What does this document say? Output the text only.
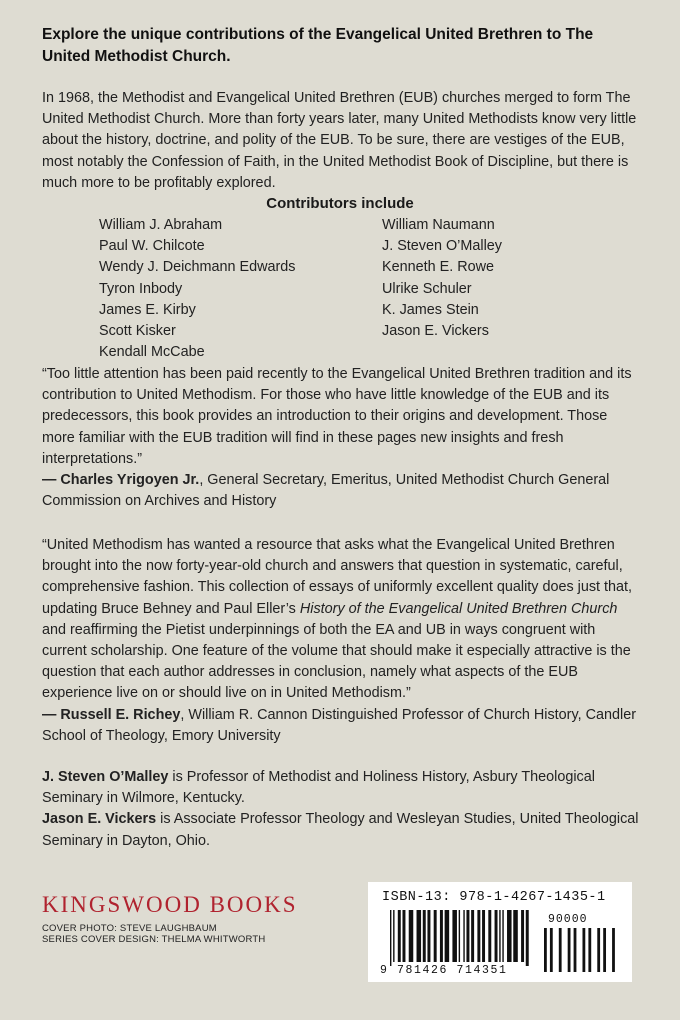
Explore the unique contributions of the Evangelical United Brethren to The United Methodist Church.
In 1968, the Methodist and Evangelical United Brethren (EUB) churches merged to form The United Methodist Church. More than forty years later, many United Methodists know very little about the history, doctrine, and polity of the EUB. To be sure, there are vestiges of the EUB, most notably the Confession of Faith, in the United Methodist Book of Discipline, but there is much more to be profitably explored.
Contributors include
William J. Abraham
Paul W. Chilcote
Wendy J. Deichmann Edwards
Tyron Inbody
James E. Kirby
Scott Kisker
Kendall McCabe
William Naumann
J. Steven O’Malley
Kenneth E. Rowe
Ulrike Schuler
K. James Stein
Jason E. Vickers
“Too little attention has been paid recently to the Evangelical United Brethren tradition and its contribution to United Methodism. For those who have little knowledge of the EUB and its predecessors, this book provides an introduction to their origins and development. Those more familiar with the EUB tradition will find in these pages new insights and fresh interpretations.”
— Charles Yrigoyen Jr., General Secretary, Emeritus, United Methodist Church General Commission on Archives and History
“United Methodism has wanted a resource that asks what the Evangelical United Brethren brought into the now forty-year-old church and answers that question in systematic, careful, comprehensive fashion. This collection of essays of uniformly excellent quality does just that, updating Bruce Behney and Paul Eller’s History of the Evangelical United Brethren Church and reaffirming the Pietist underpinnings of both the EA and UB in ways congruent with current scholarship. One feature of the volume that should make it especially attractive is the question that each author addresses in conclusion, namely what aspects of the EUB experience live on or should live on in United Methodism.”
— Russell E. Richey, William R. Cannon Distinguished Professor of Church History, Candler School of Theology, Emory University
J. Steven O’Malley is Professor of Methodist and Holiness History, Asbury Theological Seminary in Wilmore, Kentucky.
Jason E. Vickers is Associate Professor Theology and Wesleyan Studies, United Theological Seminary in Dayton, Ohio.
KINGSWOOD BOOKS
COVER PHOTO: STEVE LAUGHBAUM
SERIES COVER DESIGN: THELMA WHITWORTH
ISBN-13: 978-1-4267-1435-1
90000
9 781426 714351
